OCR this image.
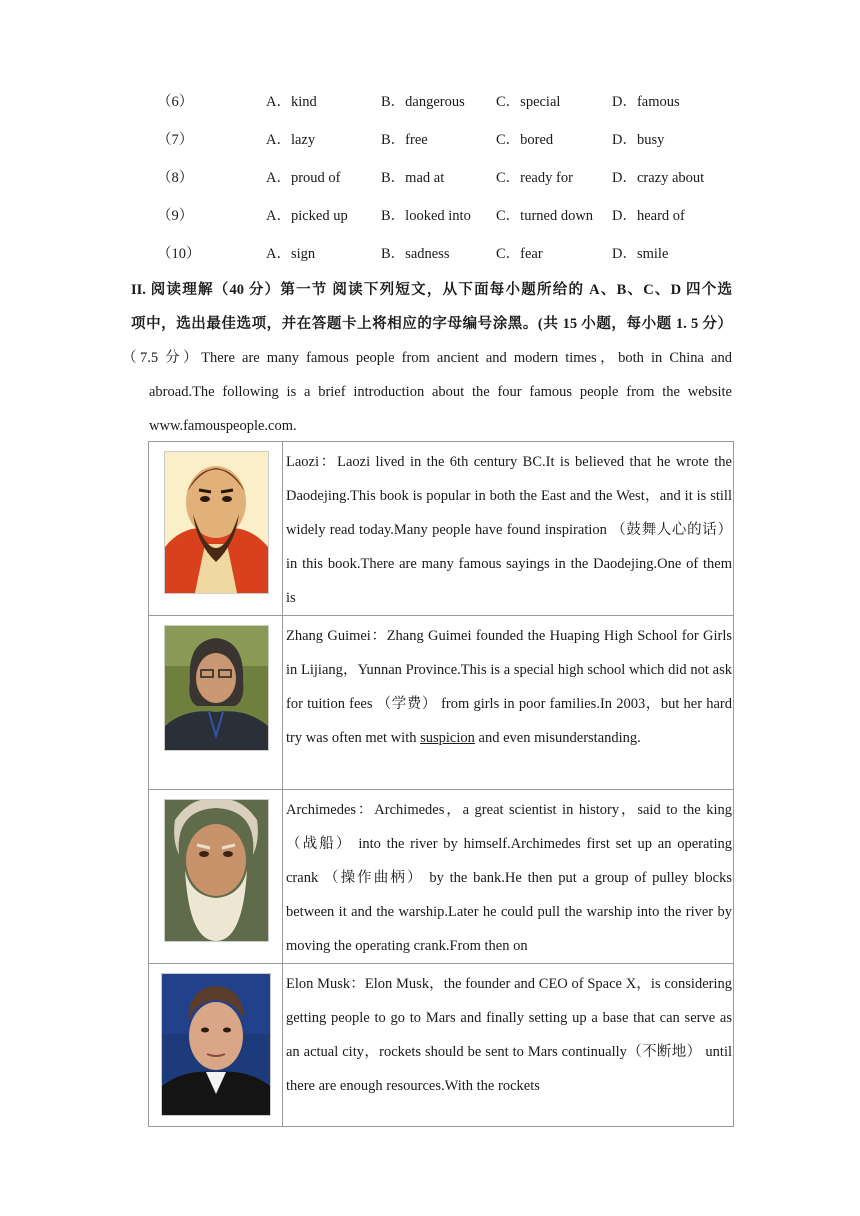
（6）	A．kind	B．dangerous C．special	D．famous
（7）	A．lazy	B．free	C．bored	D．busy
（8）	A．proud of	B．mad at	C．ready for	D．crazy about
（9）	A．picked up B．looked into C．turned down D．heard of
（10）	A．sign	B．sadness	C．fear	D．smile
II. 阅读理解（40 分）第一节 阅读下列短文，从下面每小题所给的 A、B、C、D 四个选
项中，选出最佳选项，并在答题卡上将相应的字母编号涂黑。(共 15 小题，每小题 1. 5 分）
（7.5 分）There are many famous people from ancient and modern times，both in China and
abroad.The following is a brief introduction about the four famous people from the website
www.famouspeople.com.

Laozi：Laozi lived in the 6th century BC.It is believed that he wrote the Daodejing.This book is popular in both the East and the West，and it is still widely read today.Many people have found inspiration （鼓舞人心的话） in this book.There are many famous sayings in the Daodejing.One of them is

Zhang Guimei：Zhang Guimei founded the Huaping High School for Girls in Lijiang，Yunnan Province.This is a special high school which did not ask for tuition fees （学费） from girls in poor families.In 2003，but her hard try was often met with suspicion and even misunderstanding.

Archimedes：Archimedes，a great scientist in history，said to the king （战船） into the river by himself.Archimedes first set up an operating crank （操作曲柄） by the bank.He then put a group of pulley blocks between it and the warship.Later he could pull the warship into the river by moving the operating crank.From then on

Elon Musk：Elon Musk，the founder and CEO of Space X，is considering getting people to go to Mars and finally setting up a base that can serve as an actual city，rockets should be sent to Mars continually（不断地） until there are enough resources.With the rockets
